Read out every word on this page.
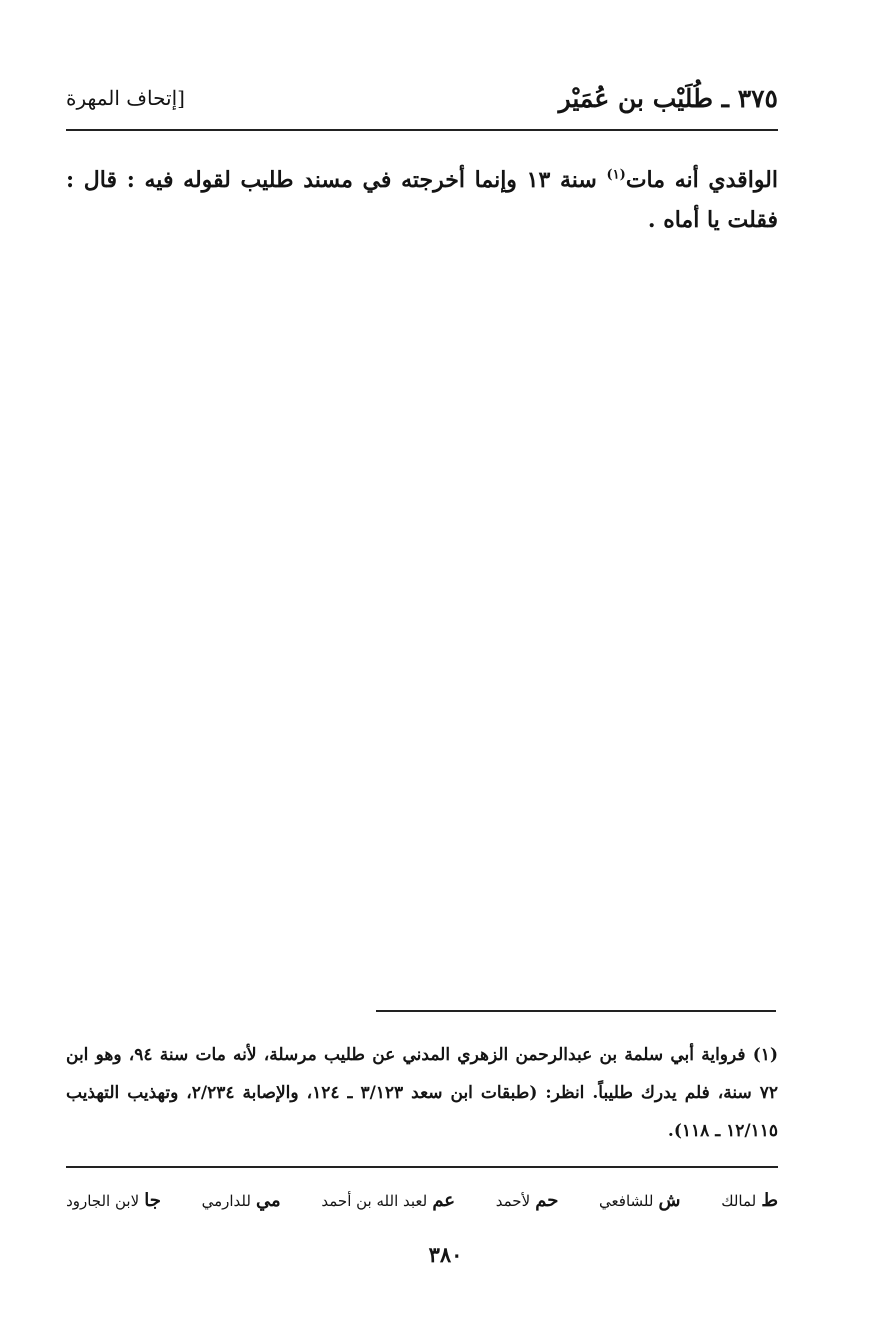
٣٧٥ ـ طُلَيْب بن عُمَيْر
[إتحاف المهرة
الواقدي أنه مات$^{(١)}$ سنة ١٣ وإنما أخرجته في مسند طليب لقوله فيه : قال : فقلت يا أماه .
(١) فرواية أبي سلمة بن عبدالرحمن الزهري المدني عن طليب مرسلة، لأنه مات سنة ٩٤، وهو ابن ٧٢ سنة، فلم يدرك طليباً. انظر: (طبقات ابن سعد ٣/١٢٣ ـ ١٢٤، والإصابة ٢/٢٣٤، وتهذيب التهذيب ١٢/١١٥ ـ ١١٨).
ط لمالك
ش للشافعي
حم لأحمد
عم لعبد الله بن أحمد
مي للدارمي
جا لابن الجارود
٣٨٠
